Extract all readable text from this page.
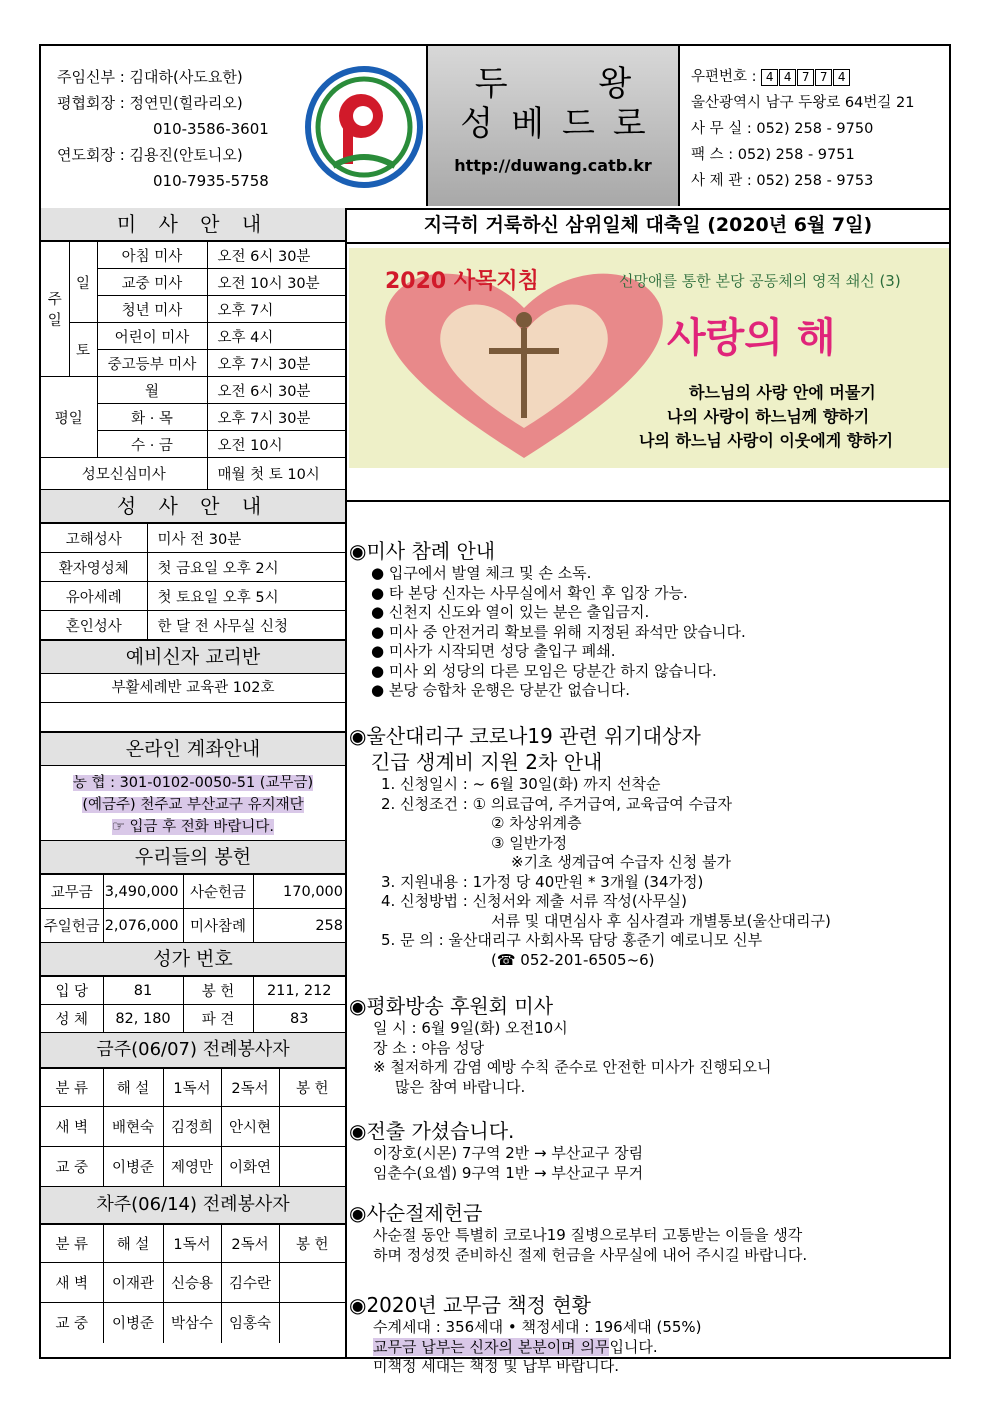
주임신부 : 김대하(사도요한)
평협회장 : 정연민(힐라리오)
010-3586-3601
연도회장 : 김용진(안토니오)
010-7935-5758
두 왕
성베드로
http://duwang.catb.kr
우편번호 : 4 4 7 7 4
울산광역시 남구 두왕로 64번길 21
사 무 실 : 052) 258 - 9750
팩 스 : 052) 258 - 9751
사 제 관 : 052) 258 - 9753
미 사 안 내
주일	일	아침 미사	오전 6시 30분
		교중 미사	오전 10시 30분
		청년 미사	오후 7시
	토	어린이 미사	오후 4시
		중고등부 미사	오후 7시 30분
평일		월	오전 6시 30분
		화 · 목	오후 7시 30분
		수 · 금	오전 10시
성모신심미사			매월 첫 토 10시
성 사 안 내
고해성사	미사 전 30분
환자영성체	첫 금요일 오후 2시
유아세례	첫 토요일 오후 5시
혼인성사	한 달 전 사무실 신청
예비신자 교리반
부활세례반 교육관 102호
온라인 계좌안내
농 협 : 301-0102-0050-51 (교무금)
(예금주) 천주교 부산교구 유지재단
☞ 입금 후 전화 바랍니다.
우리들의 봉헌
교무금	3,490,000	사순헌금	170,000
주일헌금	2,076,000	미사참례	258
성가 번호
입 당	81	봉 헌	211, 212
성 체	82, 180	파 견	83
금주(06/07) 전례봉사자
분 류	해 설	1독서	2독서	봉 헌
새 벽	배현숙	김정희	안시현	
교 중	이병준	제영만	이화연	
차주(06/14) 전례봉사자
분 류	해 설	1독서	2독서	봉 헌
새 벽	이재관	신승용	김수란	
교 중	이병준	박삼수	임홍숙	
지극히 거룩하신 삼위일체 대축일 (2020년 6월 7일)
2020 사목지침	신망애를 통한 본당 공동체의 영적 쇄신 (3)
사랑의 해
하느님의 사랑 안에 머물기
나의 사랑이 하느님께 향하기
나의 하느님 사랑이 이웃에게 향하기
◉미사 참례 안내
● 입구에서 발열 체크 및 손 소독.
● 타 본당 신자는 사무실에서 확인 후 입장 가능.
● 신천지 신도와 열이 있는 분은 출입금지.
● 미사 중 안전거리 확보를 위해 지정된 좌석만 앉습니다.
● 미사가 시작되면 성당 출입구 폐쇄.
● 미사 외 성당의 다른 모임은 당분간 하지 않습니다.
● 본당 승합차 운행은 당분간 없습니다.
◉울산대리구 코로나19 관련 위기대상자
긴급 생계비 지원 2차 안내
1. 신청일시 : ~ 6월 30일(화) 까지 선착순
2. 신청조건 : ① 의료급여, 주거급여, 교육급여 수급자
② 차상위계층
③ 일반가정
※기초 생계급여 수급자 신청 불가
3. 지원내용 : 1가정 당 40만원 * 3개월 (34가정)
4. 신청방법 : 신청서와 제출 서류 작성(사무실)
서류 및 대면심사 후 심사결과 개별통보(울산대리구)
5. 문 의 : 울산대리구 사회사목 담당 홍준기 예로니모 신부
(☎ 052-201-6505~6)
◉평화방송 후원회 미사
일 시 : 6월 9일(화) 오전10시
장 소 : 야음 성당
※ 철저하게 감염 예방 수칙 준수로 안전한 미사가 진행되오니
많은 참여 바랍니다.
◉전출 가셨습니다.
이장호(시몬) 7구역 2반 → 부산교구 장림
임춘수(요셉) 9구역 1반 → 부산교구 무거
◉사순절제헌금
사순절 동안 특별히 코로나19 질병으로부터 고통받는 이들을 생각
하며 정성껏 준비하신 절제 헌금을 사무실에 내어 주시길 바랍니다.
◉2020년 교무금 책정 현황
수계세대 : 356세대 • 책정세대 : 196세대 (55%)
교무금 납부는 신자의 본분이며 의무입니다.
미책정 세대는 책정 및 납부 바랍니다.
